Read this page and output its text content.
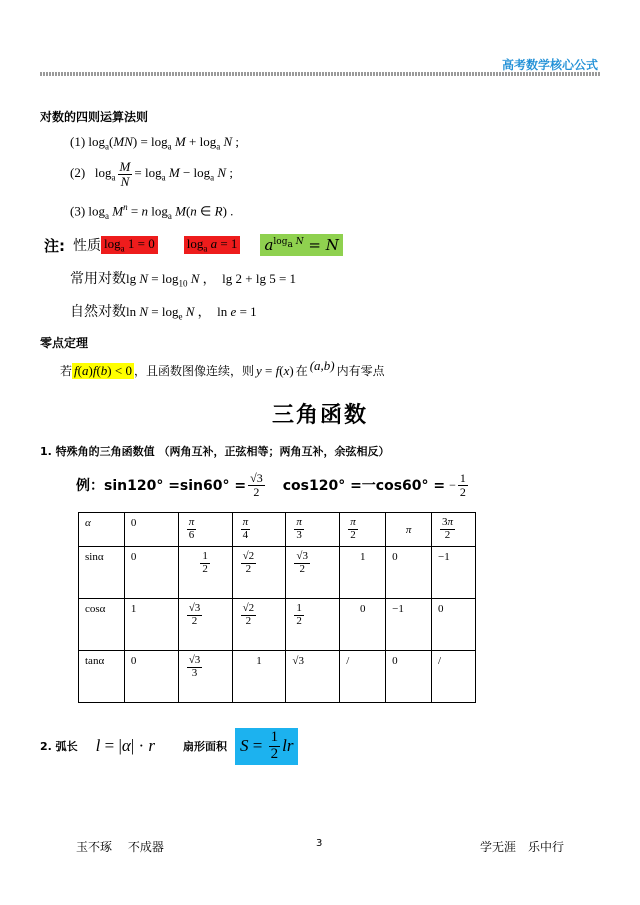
高考数学核心公式
对数的四则运算法则
(1) $\log_a(MN) = \log_a M + \log_a N$ ;
(2)   $\log_a \frac{M}{N} = \log_a M - \log_a N$ ;
(3) $\log_a M^n = n$ $\log_a M(n$ ∈ R) .
注: 性质 $\log_a 1 = 0$ $\log_a a = 1$ $a^{log_a N} = N$
常用对数 $\lg N = \log_{10} N$ ，  lg 2 + lg 5 = 1
自然对数 $\ln N = \log_e N$ ，  ln e = 1
零点定理
若 f(a)f(b) < 0 ，且函数图像连续，则 y = f(x) 在 (a,b) 内有零点
三角函数
1. 特殊角的三角函数值 （两角互补，正弦相等；两角互补，余弦相反）
例：$\sin 120^\circ =\sin 60^\circ = \frac{√3}{2} \cos 120^\circ$ =一cos60° = − $\frac{1}{2}$
α	0	$\frac{\pi}{6}$	$\frac{\pi}{4}$	$\frac{\pi}{3}$	$\frac{\pi}{2}$	π	$\frac{3\pi}{2}$

sinα	0	$\frac{1}{2}$	$\frac{√2}{2}$	$\frac{√3}{2}$	1	0	−1
cosα	1	$\frac{√3}{2}$	$\frac{√2}{2}$	$\frac{1}{2}$	0	−1	0
tanα	0	$\frac{√3}{3}$	1	√3	/	0	/
2. 弧长 l = |α| · r	扇形面积 $S = \frac{1}{2}$ lr
玉不琢　 不成器	3	学无涯　乐中行
